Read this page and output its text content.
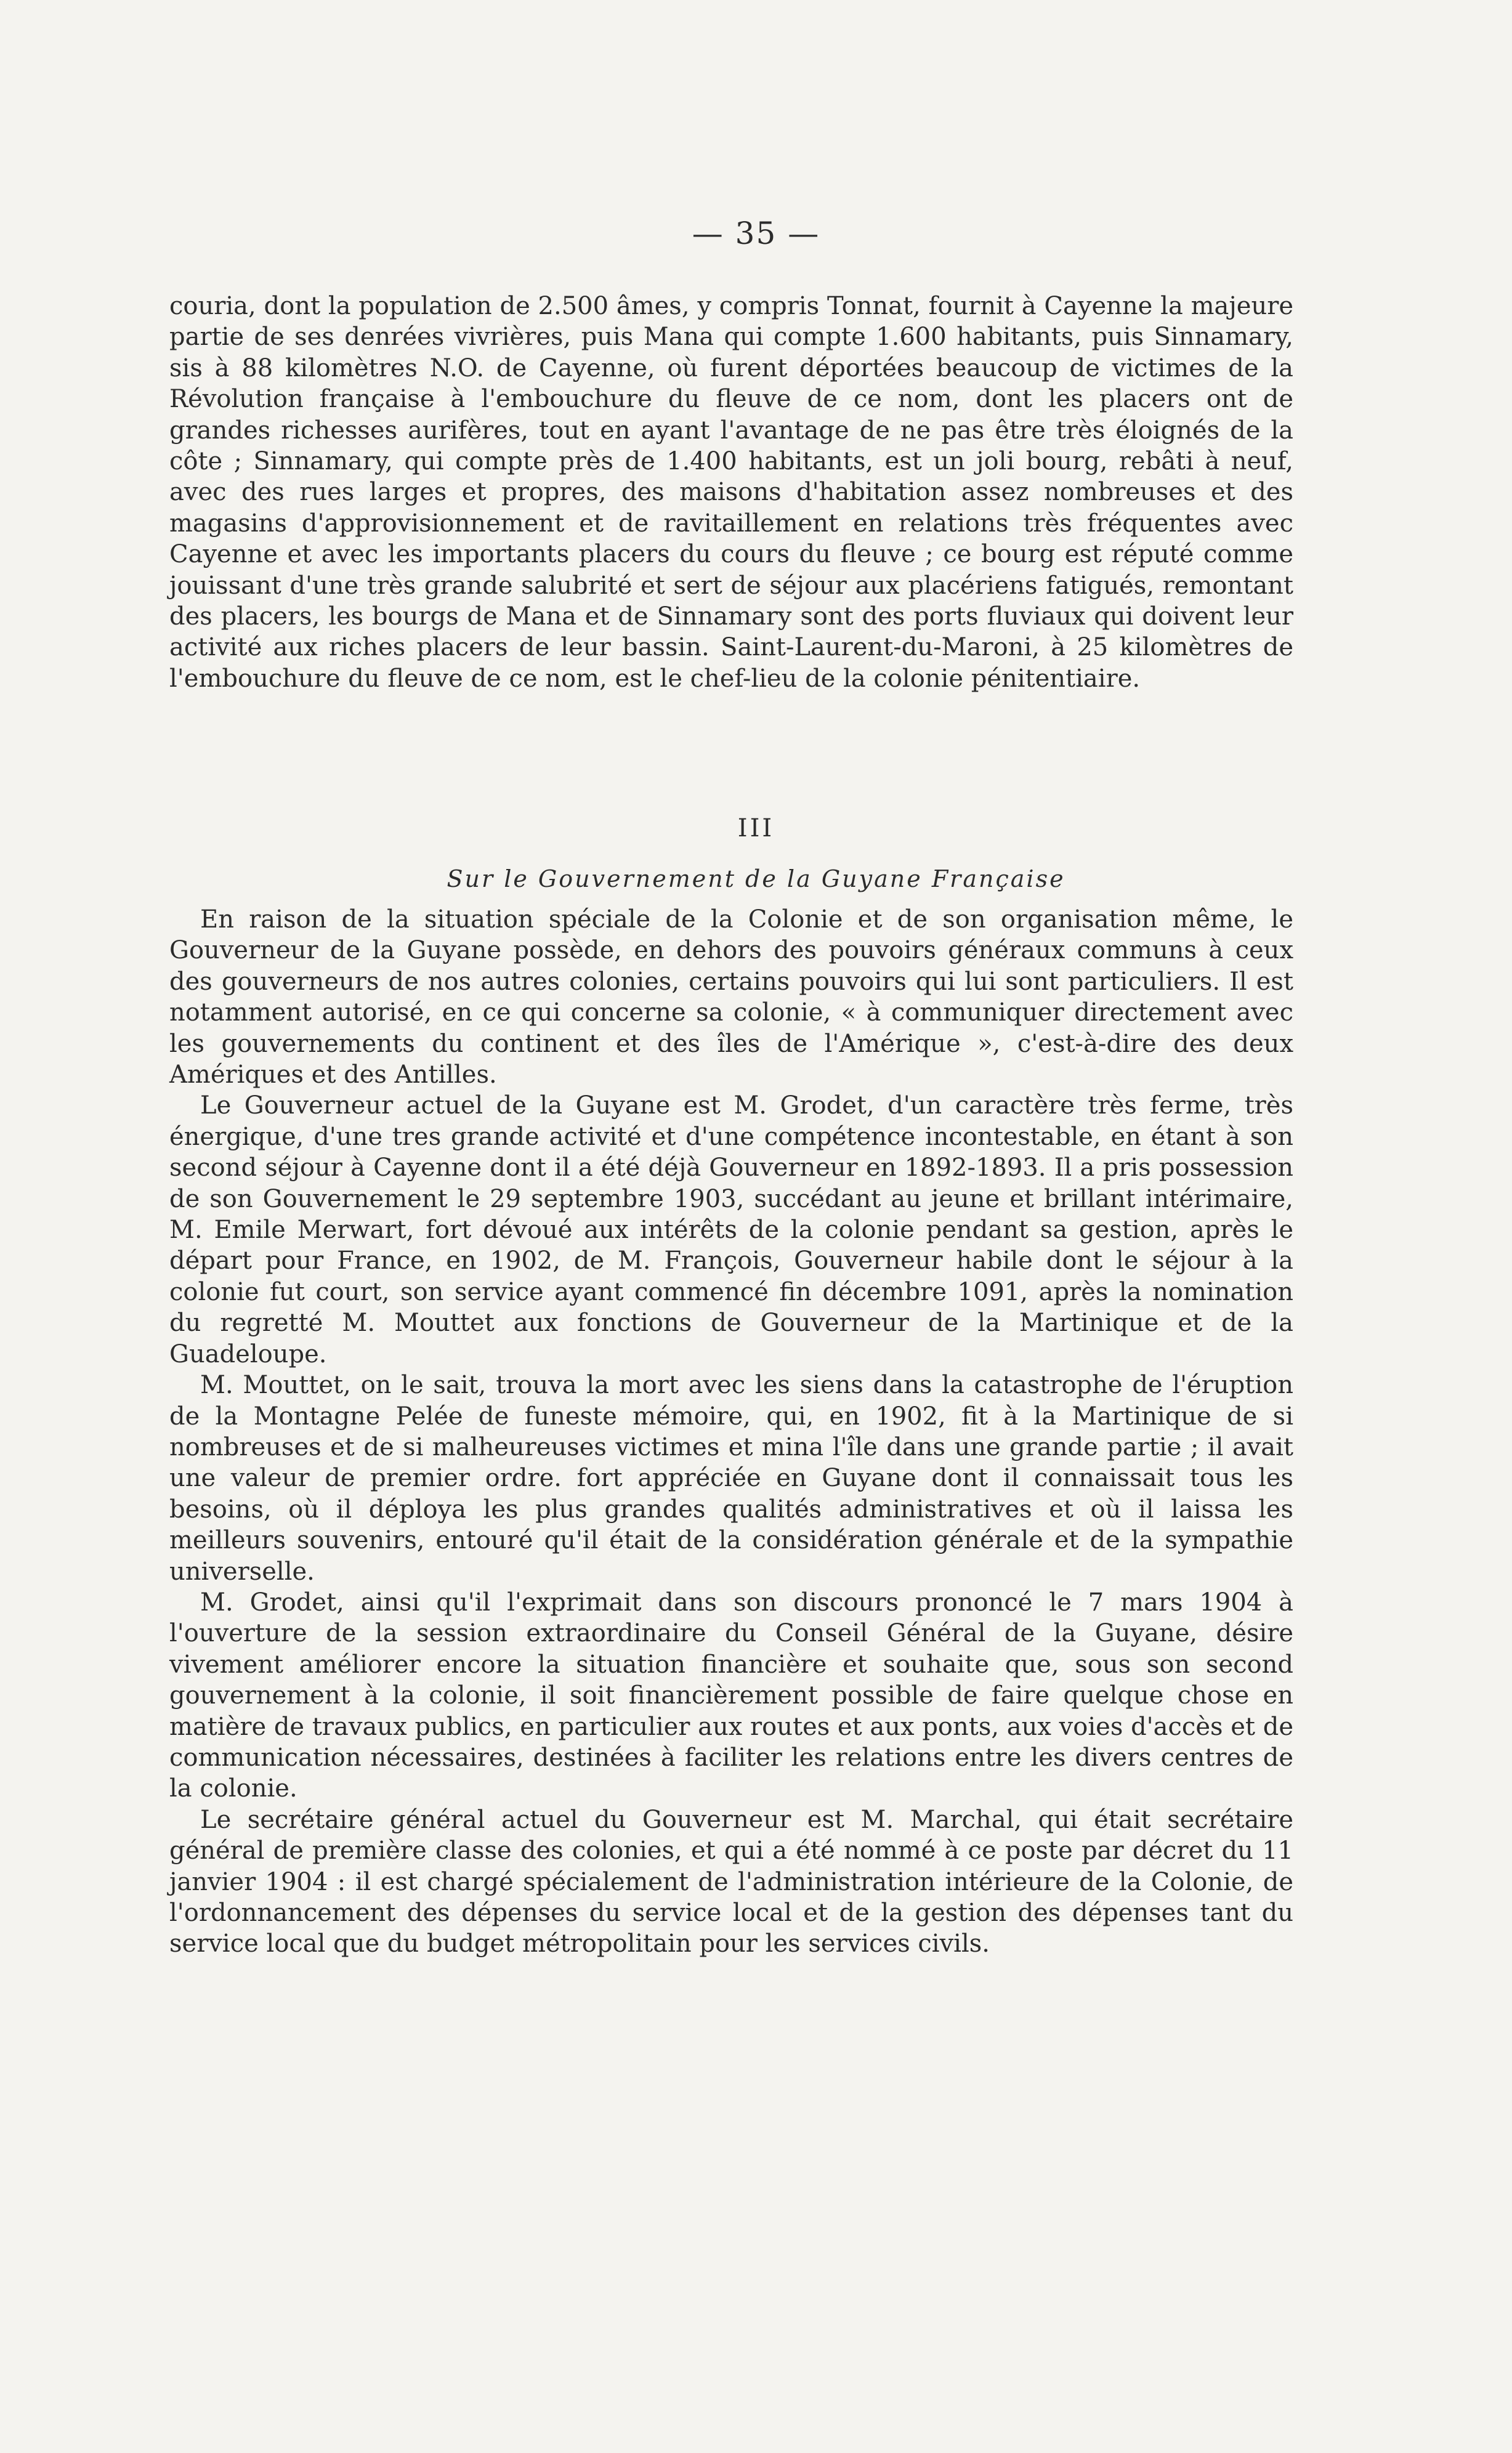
— 35 —

couria, dont la population de 2.500 âmes, y compris Tonnat, fournit à Cayenne la majeure partie de ses denrées vivrières, puis Mana qui compte 1.600 habitants, puis Sinnamary, sis à 88 kilomètres N.O. de Cayenne, où furent déportées beaucoup de victimes de la Révolution française à l'embouchure du fleuve de ce nom, dont les placers ont de grandes richesses aurifères, tout en ayant l'avantage de ne pas être très éloignés de la côte ; Sinnamary, qui compte près de 1.400 habitants, est un joli bourg, rebâti à neuf, avec des rues larges et propres, des maisons d'habitation assez nombreuses et des magasins d'approvisionnement et de ravitaillement en relations très fréquentes avec Cayenne et avec les importants placers du cours du fleuve ; ce bourg est réputé comme jouissant d'une très grande salubrité et sert de séjour aux placériens fatigués, remontant des placers, les bourgs de Mana et de Sinnamary sont des ports fluviaux qui doivent leur activité aux riches placers de leur bassin. Saint-Laurent-du-Maroni, à 25 kilomètres de l'embouchure du fleuve de ce nom, est le chef-lieu de la colonie pénitentiaire.

III
Sur le Gouvernement de la Guyane Française

En raison de la situation spéciale de la Colonie et de son organisation même, le Gouverneur de la Guyane possède, en dehors des pouvoirs généraux communs à ceux des gouverneurs de nos autres colonies, certains pouvoirs qui lui sont particuliers. Il est notamment autorisé, en ce qui concerne sa colonie, « à communiquer directement avec les gouvernements du continent et des îles de l'Amérique », c'est-à-dire des deux Amériques et des Antilles.

Le Gouverneur actuel de la Guyane est M. Grodet, d'un caractère très ferme, très énergique, d'une tres grande activité et d'une compétence incontestable, en étant à son second séjour à Cayenne dont il a été déjà Gouverneur en 1892-1893. Il a pris possession de son Gouvernement le 29 septembre 1903, succédant au jeune et brillant intérimaire, M. Emile Merwart, fort dévoué aux intérêts de la colonie pendant sa gestion, après le départ pour France, en 1902, de M. François, Gouverneur habile dont le séjour à la colonie fut court, son service ayant commencé fin décembre 1091, après la nomination du regretté M. Mouttet aux fonctions de Gouverneur de la Martinique et de la Guadeloupe.

M. Mouttet, on le sait, trouva la mort avec les siens dans la catastrophe de l'éruption de la Montagne Pelée de funeste mémoire, qui, en 1902, fit à la Martinique de si nombreuses et de si malheureuses victimes et mina l'île dans une grande partie ; il avait une valeur de premier ordre. fort appréciée en Guyane dont il connaissait tous les besoins, où il déploya les plus grandes qualités administratives et où il laissa les meilleurs souvenirs, entouré qu'il était de la considération générale et de la sympathie universelle.

M. Grodet, ainsi qu'il l'exprimait dans son discours prononcé le 7 mars 1904 à l'ouverture de la session extraordinaire du Conseil Général de la Guyane, désire vivement améliorer encore la situation financière et souhaite que, sous son second gouvernement à la colonie, il soit financièrement possible de faire quelque chose en matière de travaux publics, en particulier aux routes et aux ponts, aux voies d'accès et de communication nécessaires, destinées à faciliter les relations entre les divers centres de la colonie.

Le secrétaire général actuel du Gouverneur est M. Marchal, qui était secrétaire général de première classe des colonies, et qui a été nommé à ce poste par décret du 11 janvier 1904 : il est chargé spécialement de l'administration intérieure de la Colonie, de l'ordonnancement des dépenses du service local et de la gestion des dépenses tant du service local que du budget métropolitain pour les services civils.
